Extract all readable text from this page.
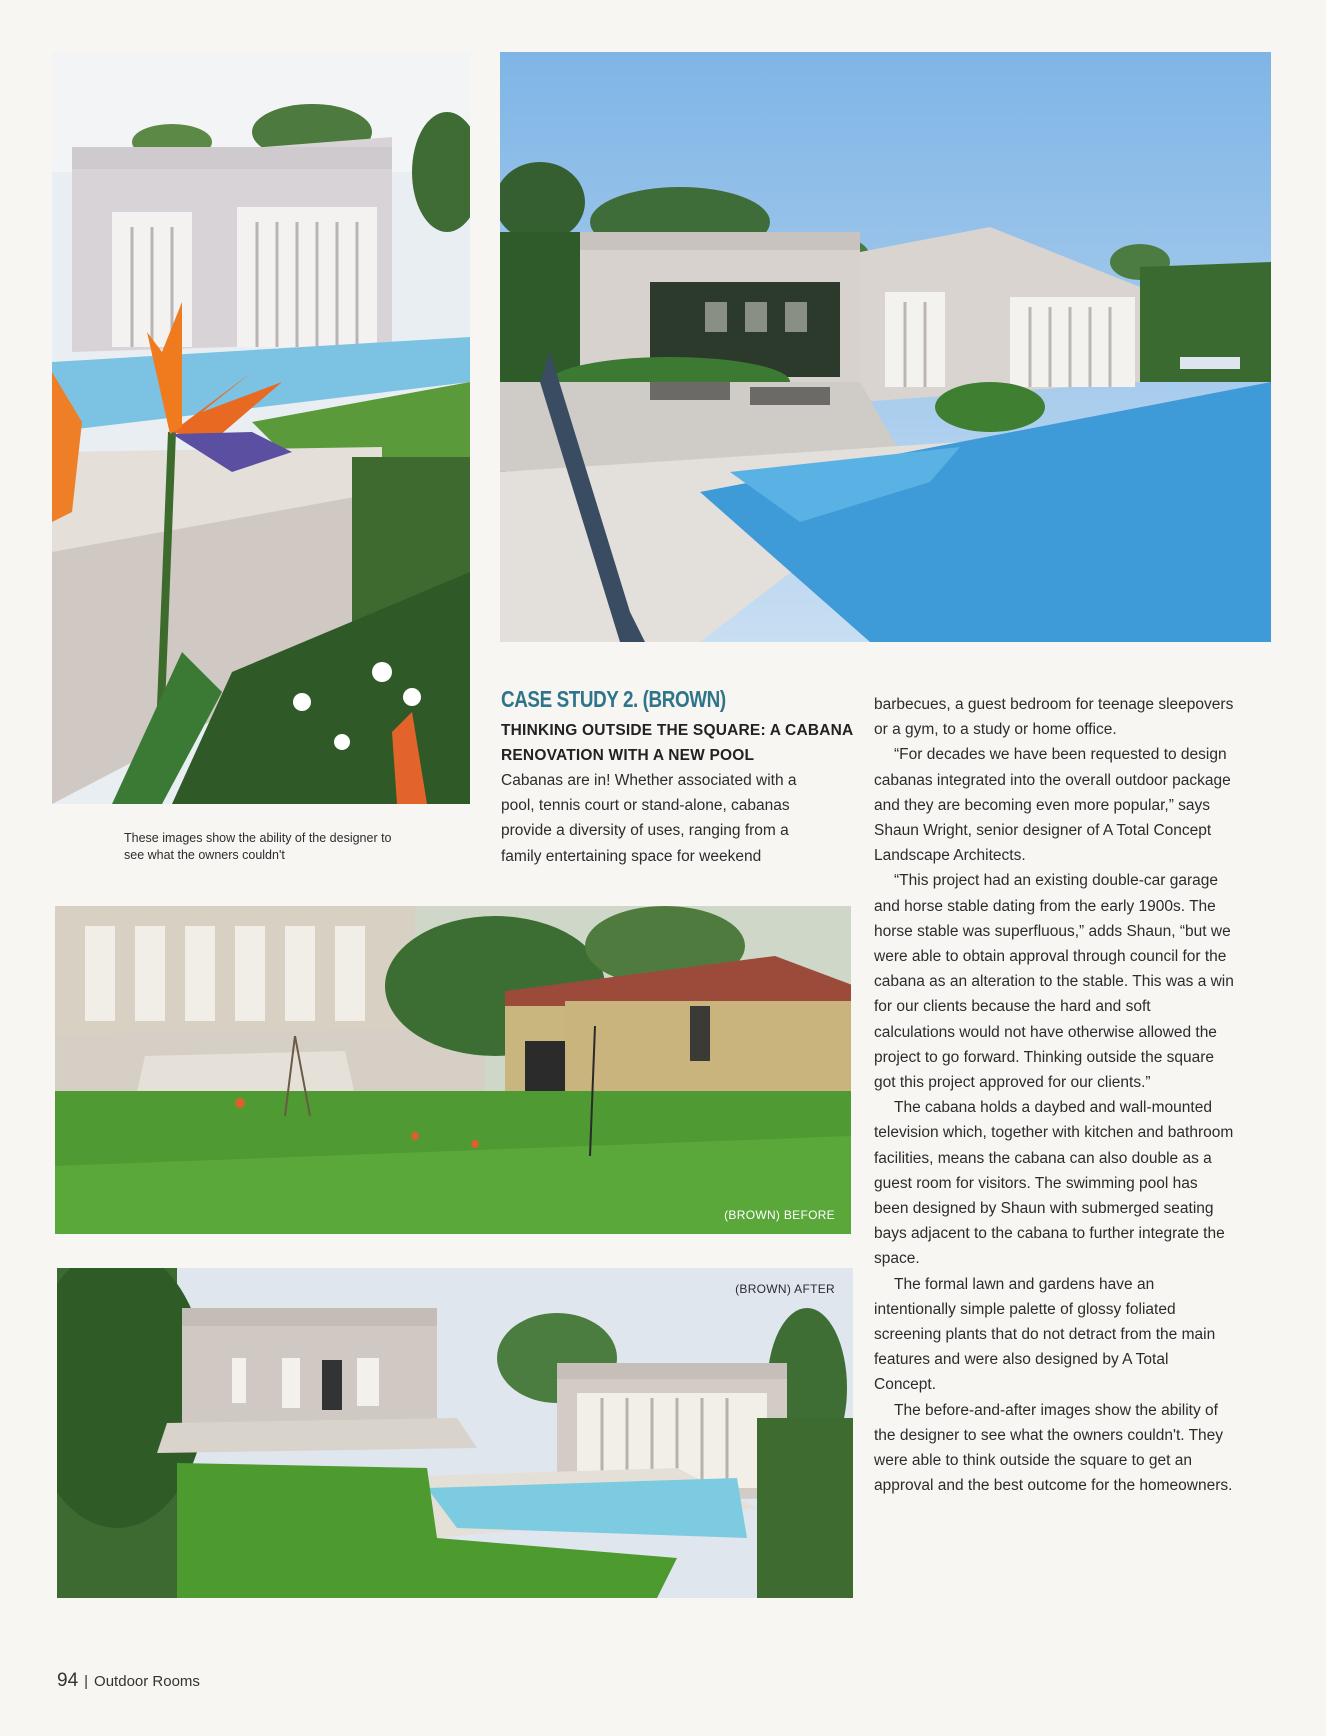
These images show the ability of the designer to see what the owners couldn't
CASE STUDY 2. (BROWN)
THINKING OUTSIDE THE SQUARE: A CABANA RENOVATION WITH A NEW POOL

Cabanas are in! Whether associated with a pool, tennis court or stand-alone, cabanas provide a diversity of uses, ranging from a family entertaining space for weekend

barbecues, a guest bedroom for teenage sleepovers or a gym, to a study or home office.

“For decades we have been requested to design cabanas integrated into the overall outdoor package and they are becoming even more popular,” says Shaun Wright, senior designer of A Total Concept Landscape Architects.

“This project had an existing double-car garage and horse stable dating from the early 1900s. The horse stable was superfluous,” adds Shaun, “but we were able to obtain approval through council for the cabana as an alteration to the stable. This was a win for our clients because the hard and soft calculations would not have otherwise allowed the project to go forward. Thinking outside the square got this project approved for our clients.”

The cabana holds a daybed and wall-mounted television which, together with kitchen and bathroom facilities, means the cabana can also double as a guest room for visitors. The swimming pool has been designed by Shaun with submerged seating bays adjacent to the cabana to further integrate the space.

The formal lawn and gardens have an intentionally simple palette of glossy foliated screening plants that do not detract from the main features and were also designed by A Total Concept.

The before-and-after images show the ability of the designer to see what the owners couldn't. They were able to think outside the square to get an approval and the best outcome for the homeowners.

(BROWN) BEFORE
(BROWN) AFTER
94 | Outdoor Rooms
